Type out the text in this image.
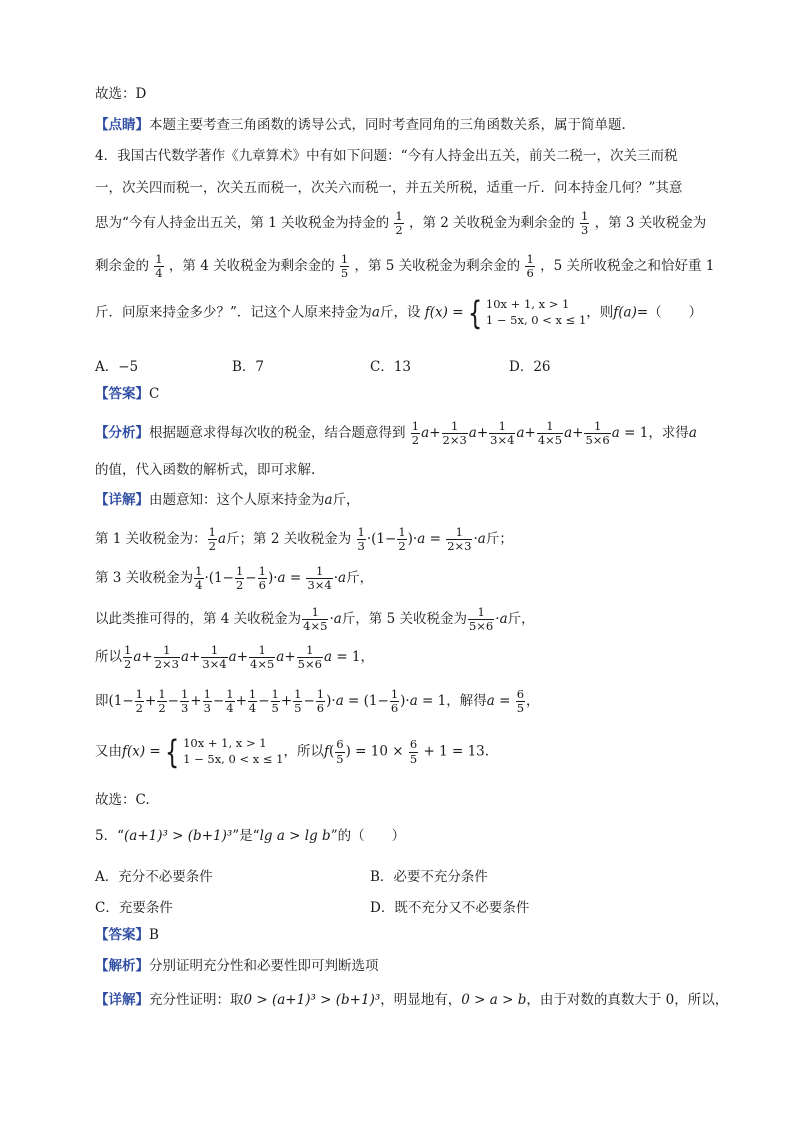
故选：D
【点睛】本题主要考查三角函数的诱导公式，同时考查同角的三角函数关系，属于简单题.
4．我国古代数学著作《九章算术》中有如下问题：“今有人持金出五关，前关二税一，次关三而税
一，次关四而税一，次关五而税一，次关六而税一，并五关所税，适重一斤．问本持金几何？”其意
思为“今有人持金出五关，第 1 关收税金为持金的 $\frac{1}{2}$ ，第 2 关收税金为剩余金的 $\frac{1}{3}$ ，第 3 关收税金为
剩余金的 $\frac{1}{4}$ ，第 4 关收税金为剩余金的 $\frac{1}{5}$ ，第 5 关收税金为剩余金的 $\frac{1}{6}$ ，5 关所收税金之和恰好重 1
斤．问原来持金多少？”．记这个人原来持金为a斤，设 f(x) = { 10x + 1, x > 1
1 − 5x, 0 < x ≤ 1 ，则f(a)=（　　）
A．−5	B．7	C．13	D．26
【答案】C
【分析】根据题意求得每次收的税金，结合题意得到 $\frac{1}{2} a+ \frac{1}{2\times 3} a+ \frac{1}{3\times 4} a+ \frac{1}{4\times 5} a+ \frac{1}{5\times 6}$ a = 1，求得a
的值，代入函数的解析式，即可求解.
【详解】由题意知：这个人原来持金为a斤，
第 1 关收税金为： $\frac{1}{2}$ a斤；第 2 关收税金为 $\frac{1}{3} \cdot(1- \frac{1}{2} )\cdot a = \frac{1}{2\times 3} \cdot a$斤；
第 3 关收税金为 $\frac{1}{4} \cdot(1- \frac{1}{2} - \frac{1}{6} )\cdot a = \frac{1}{3\times 4} \cdot a$斤，
以此类推可得的，第 4 关收税金为 $\frac{1}{4\times 5} \cdot a$斤，第 5 关收税金为 $\frac{1}{5\times 6} \cdot a$斤，
所以 $\frac{1}{2} a+ \frac{1}{2\times 3} a+ \frac{1}{3\times 4} a+ \frac{1}{4\times 5} a+ \frac{1}{5\times 6}$ a = 1，
即$(1- \frac{1}{2} + \frac{1}{2} - \frac{1}{3} + \frac{1}{3} - \frac{1}{4} + \frac{1}{4} - \frac{1}{5} + \frac{1}{5} - \frac{1}{6} )\cdot a = (1- \frac{1}{6} )\cdot a = 1$，解得$a = \frac{6}{5}$ ，
又由f(x) = { 10x + 1, x > 1
1 − 5x, 0 < x ≤ 1 ，所以$f( \frac{6}{5}$ ) = $10 \times \frac{6}{5} + 1 = 13$.
故选：C.
5．“(a+1)³ > (b+1)³”是“lg a > lg b”的（　　）
A．充分不必要条件	B．必要不充分条件
C．充要条件	D．既不充分又不必要条件
【答案】B
【解析】分别证明充分性和必要性即可判断选项
【详解】充分性证明：取0 > (a+1)³ > (b+1)³，明显地有，0 > a > b，由于对数的真数大于 0，所以，
